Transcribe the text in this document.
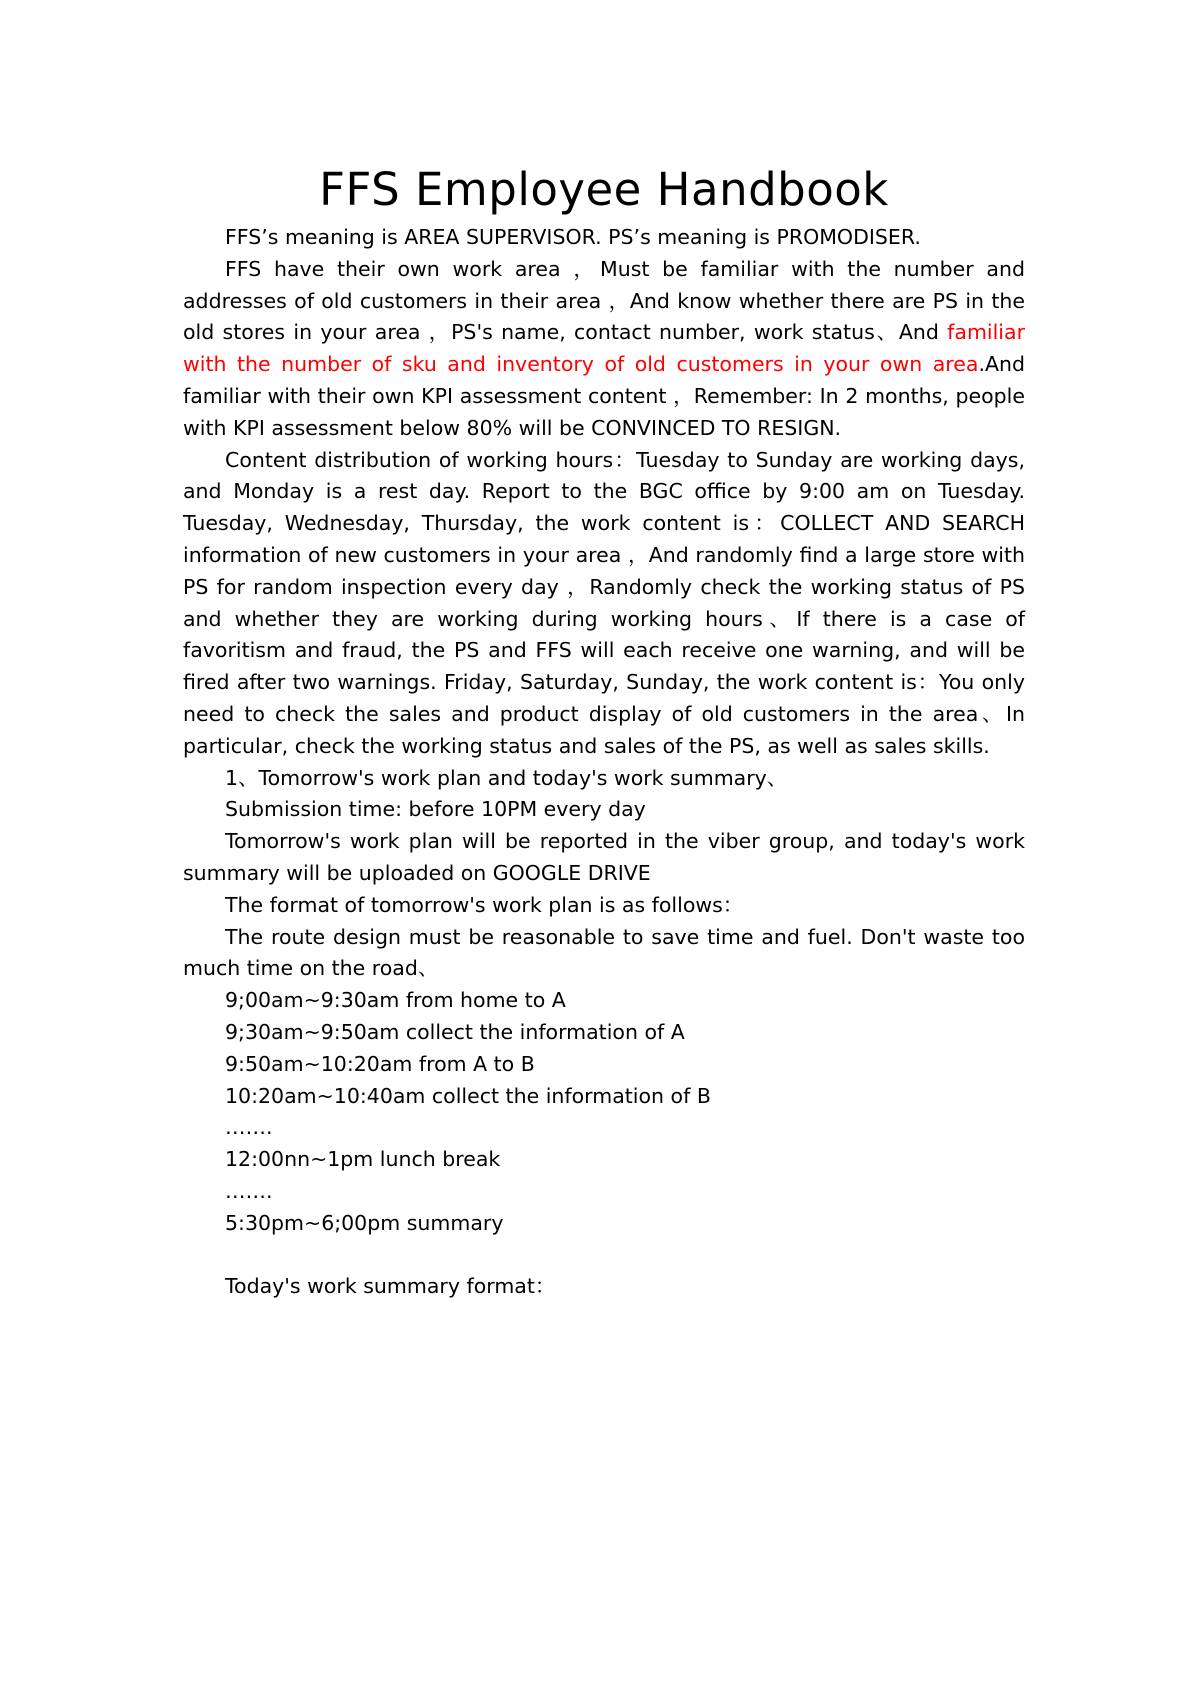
FFS Employee Handbook

FFS’s meaning is AREA SUPERVISOR. PS’s meaning is PROMODISER.

FFS have their own work area ，Must be familiar with the number and addresses of old customers in their area ，And know whether there are PS in the old stores in your area ，PS's name, contact number, work status、And familiar with the number of sku and inventory of old customers in your own area.And familiar with their own KPI assessment content ，Remember: In 2 months, people with KPI assessment below 80% will be CONVINCED TO RESIGN.

Content distribution of working hours：Tuesday to Sunday are working days, and Monday is a rest day. Report to the BGC office by 9:00 am on Tuesday. Tuesday, Wednesday, Thursday, the work content is：COLLECT AND SEARCH information of new customers in your area ，And randomly find a large store with PS for random inspection every day ，Randomly check the working status of PS and whether they are working during working hours、If there is a case of favoritism and fraud, the PS and FFS will each receive one warning, and will be fired after two warnings. Friday, Saturday, Sunday, the work content is：You only need to check the sales and product display of old customers in the area、In particular, check the working status and sales of the PS, as well as sales skills.

1、Tomorrow's work plan and today's work summary、

Submission time: before 10PM every day

Tomorrow's work plan will be reported in the viber group, and today's work summary will be uploaded on GOOGLE DRIVE

The format of tomorrow's work plan is as follows：

The route design must be reasonable to save time and fuel. Don't waste too much time on the road、

9;00am~9:30am from home to A

9;30am~9:50am collect the information of A

9:50am~10:20am from A to B

10:20am~10:40am collect the information of B

…….

12:00nn~1pm lunch break

…….

5:30pm~6;00pm summary

Today's work summary format：
